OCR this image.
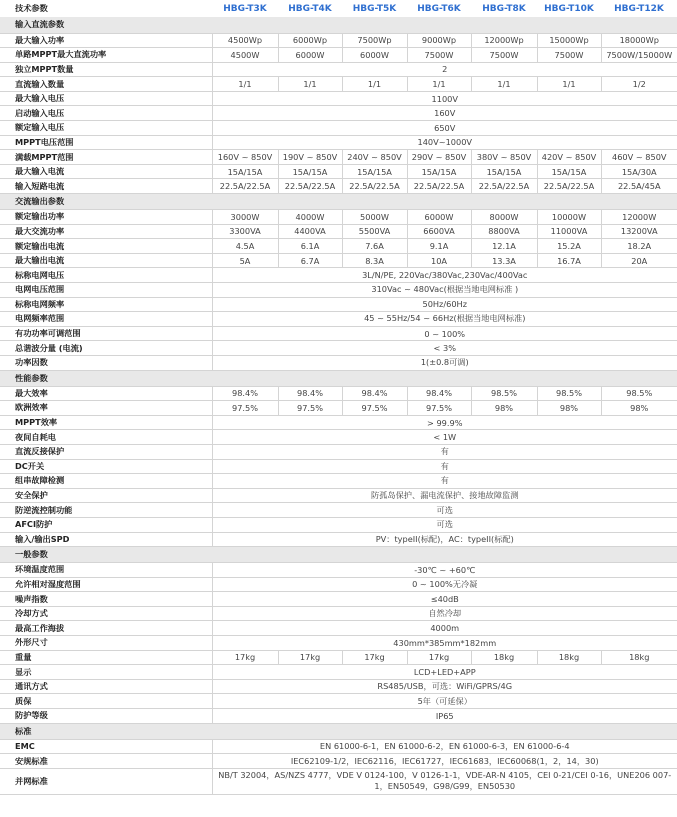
技术参数	HBG-T3K	HBG-T4K	HBG-T5K	HBG-T6K	HBG-T8K	HBG-T10K	HBG-T12K
输入直流参数							
最大输入功率	4500Wp	6000Wp	7500Wp	9000Wp	12000Wp	15000Wp	18000Wp
单路MPPT最大直流功率	4500W	6000W	6000W	7500W	7500W	7500W	7500W/15000W
独立MPPT数量	2						
直流输入数量	1/1	1/1	1/1	1/1	1/1	1/1	1/2
最大输入电压	1100V						
启动输入电压	160V						
额定输入电压	650V						
MPPT电压范围	140V~1000V						
满载MPPT范围	160V ~ 850V	190V ~ 850V	240V ~ 850V	290V ~ 850V	380V ~ 850V	420V ~ 850V	460V ~ 850V
最大输入电流	15A/15A	15A/15A	15A/15A	15A/15A	15A/15A	15A/15A	15A/30A
输入短路电流	22.5A/22.5A	22.5A/22.5A	22.5A/22.5A	22.5A/22.5A	22.5A/22.5A	22.5A/22.5A	22.5A/45A
交流输出参数							
额定输出功率	3000W	4000W	5000W	6000W	8000W	10000W	12000W
最大交流功率	3300VA	4400VA	5500VA	6600VA	8800VA	11000VA	13200VA
额定输出电流	4.5A	6.1A	7.6A	9.1A	12.1A	15.2A	18.2A
最大输出电流	5A	6.7A	8.3A	10A	13.3A	16.7A	20A
标称电网电压	3L/N/PE, 220Vac/380Vac,230Vac/400Vac						
电网电压范围	310Vac ~ 480Vac(根据当地电网标准 )						
标称电网频率	50Hz/60Hz						
电网频率范围	45 ~ 55Hz/54 ~ 66Hz(根据当地电网标准)						
有功功率可调范围	0 ~ 100%						
总谐波分量 (电流)	< 3%						
功率因数	1(±0.8可调)						
性能参数							
最大效率	98.4%	98.4%	98.4%	98.4%	98.5%	98.5%	98.5%
欧洲效率	97.5%	97.5%	97.5%	97.5%	98%	98%	98%
MPPT效率	> 99.9%						
夜间自耗电	< 1W						
直流反接保护	有						
DC开关	有						
组串故障检测	有						
安全保护	防孤岛保护、漏电流保护、接地故障监测						
防逆流控制功能	可选						
AFCI防护	可选						
输入/输出SPD	PV：typeII(标配)，AC：typeII(标配)						
一般参数							
环境温度范围	-30℃ ~ +60℃						
允许相对湿度范围	0 ~ 100%无冷凝						
噪声指数	≤40dB						
冷却方式	自然冷却						
最高工作海拔	4000m						
外形尺寸	430mm*385mm*182mm						
重量	17kg	17kg	17kg	17kg	18kg	18kg	18kg
显示	LCD+LED+APP						
通讯方式	RS485/USB，可选：WiFi/GPRS/4G						
质保	5年（可延保）						
防护等级	IP65						
标准							
EMC	EN 61000-6-1，EN 61000-6-2，EN 61000-6-3，EN 61000-6-4						
安规标准	IEC62109-1/2，IEC62116，IEC61727，IEC61683，IEC60068(1，2，14，30)						
并网标准	NB/T 32004，AS/NZS 4777，VDE V 0124-100，V 0126-1-1，VDE-AR-N 4105，CEI 0-21/CEI 0-16，UNE206 007-1，EN50549，G98/G99，EN50530						
